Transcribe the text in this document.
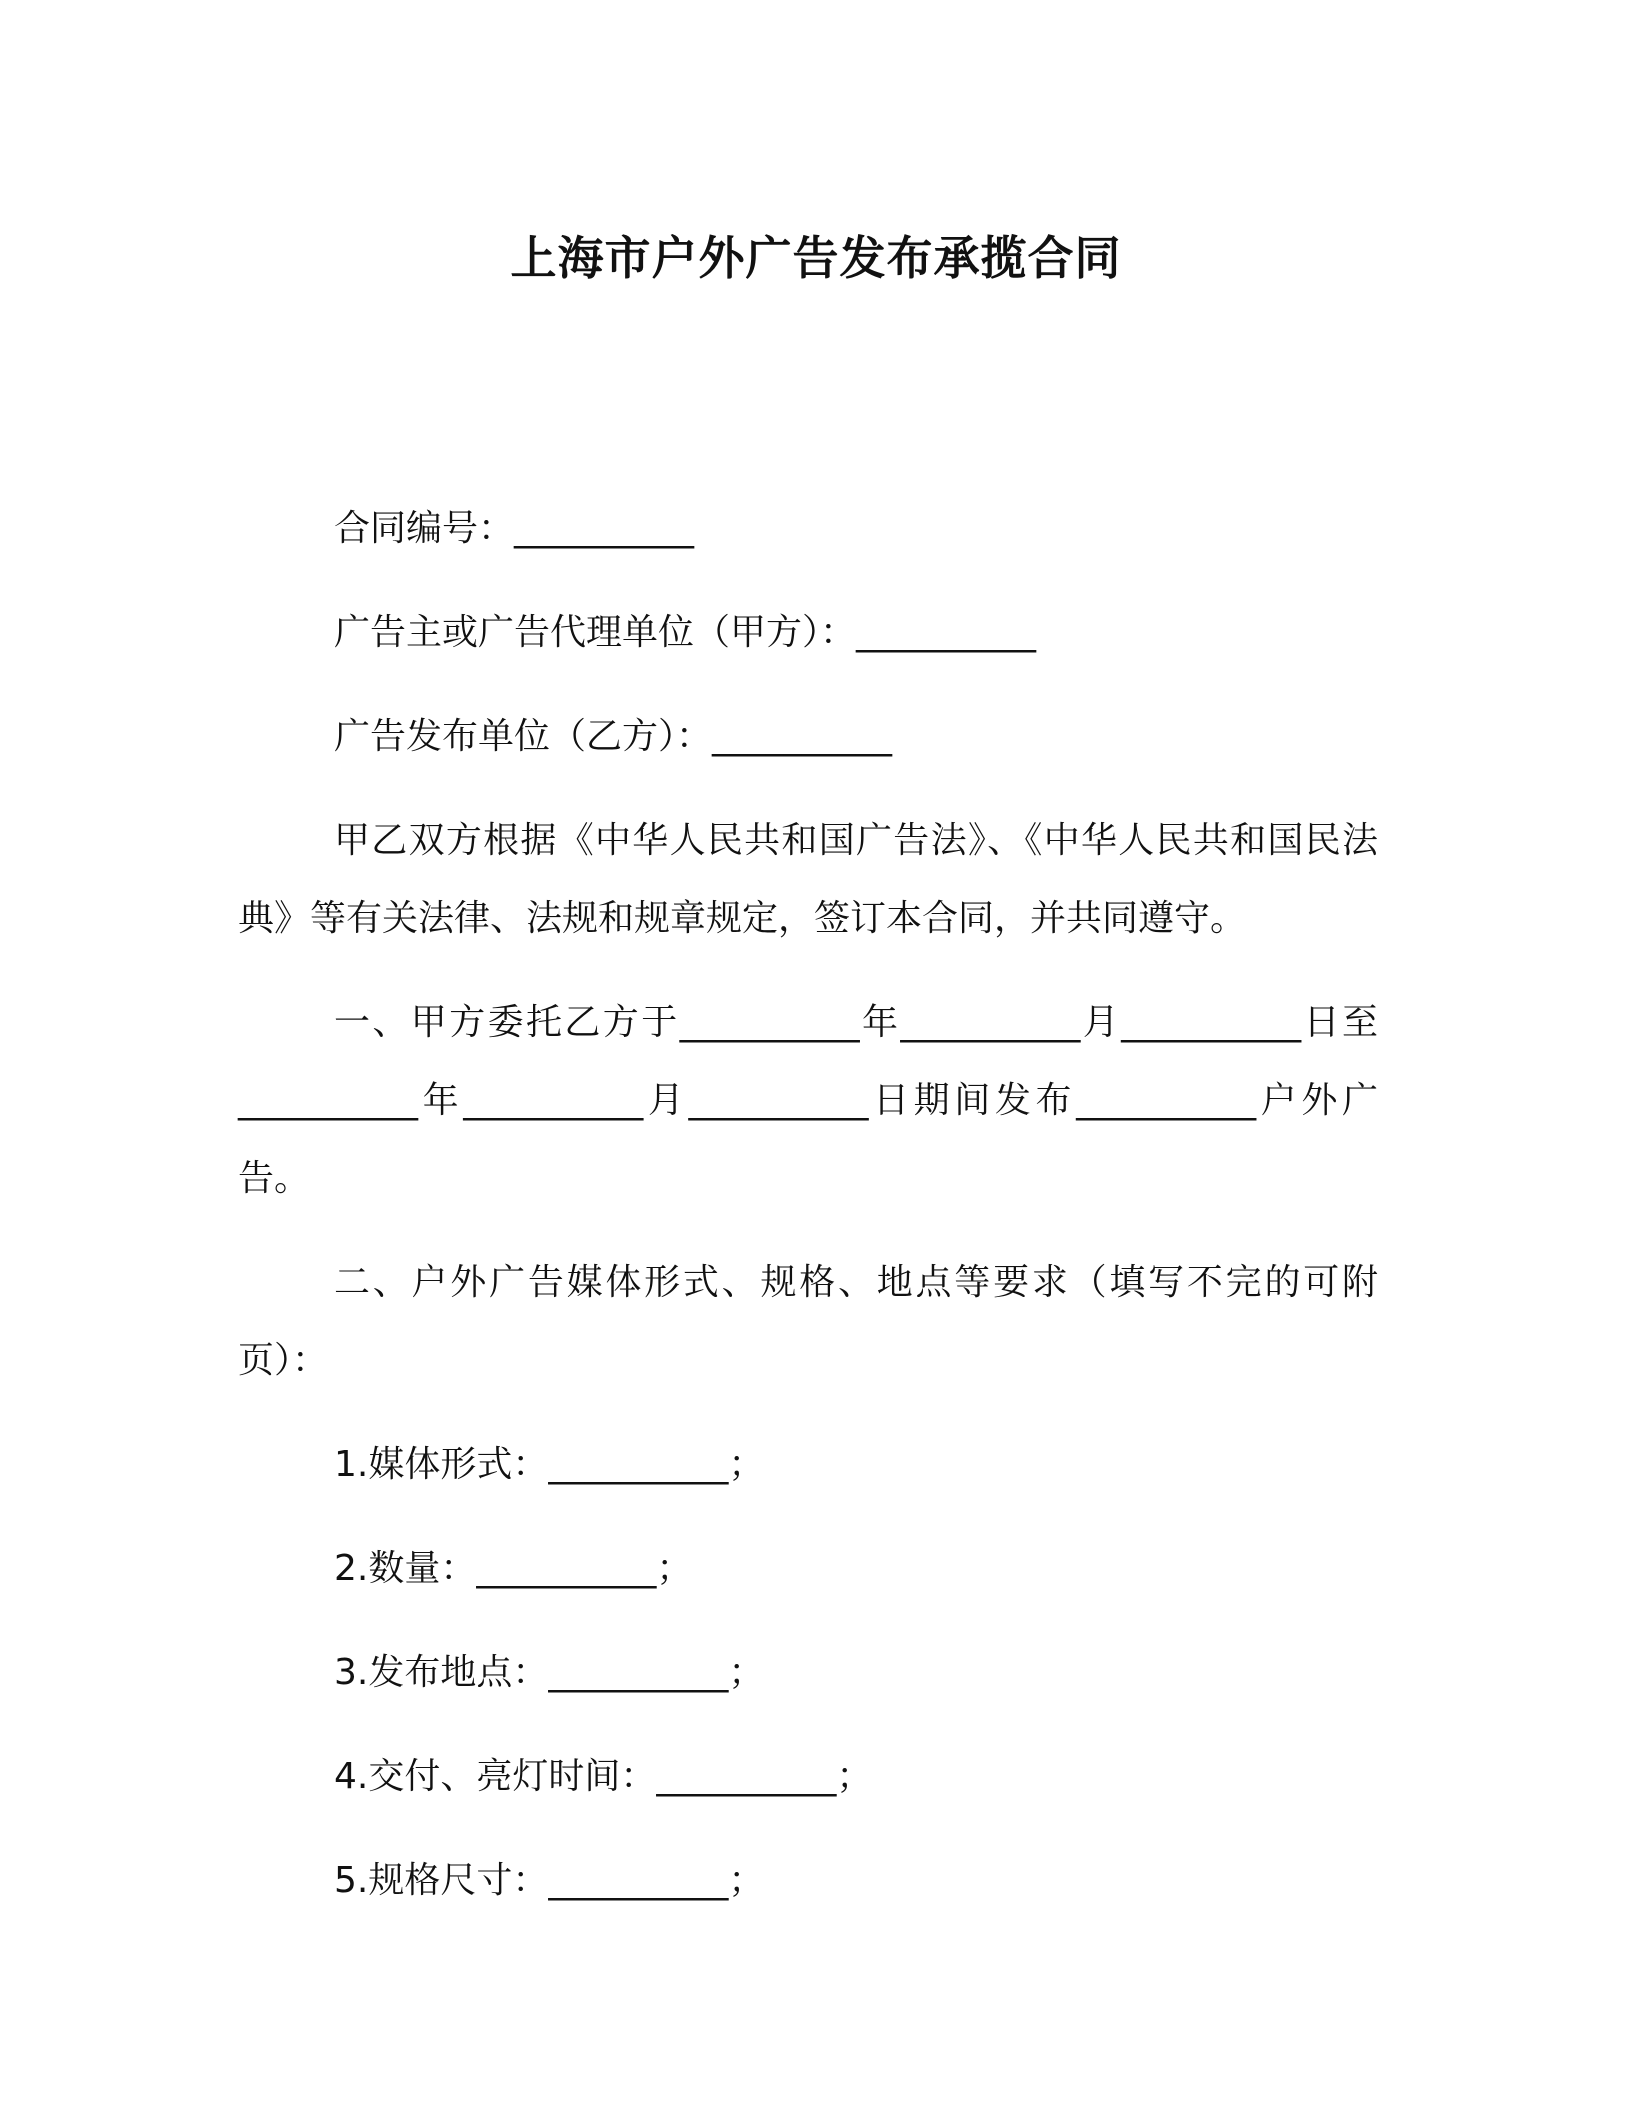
上海市户外广告发布承揽合同

合同编号：__________

广告主或广告代理单位（甲方）：__________

广告发布单位（乙方）：__________

甲乙双方根据《中华人民共和国广告法》、《中华人民共和国民法典》等有关法律、法规和规章规定，签订本合同，并共同遵守。

一、甲方委托乙方于__________年__________月__________日至__________年__________月__________日期间发布__________户外广告。

二、户外广告媒体形式、规格、地点等要求（填写不完的可附页）：

1.媒体形式：__________；

2.数量：__________；

3.发布地点：__________；

4.交付、亮灯时间：__________；

5.规格尺寸：__________；
